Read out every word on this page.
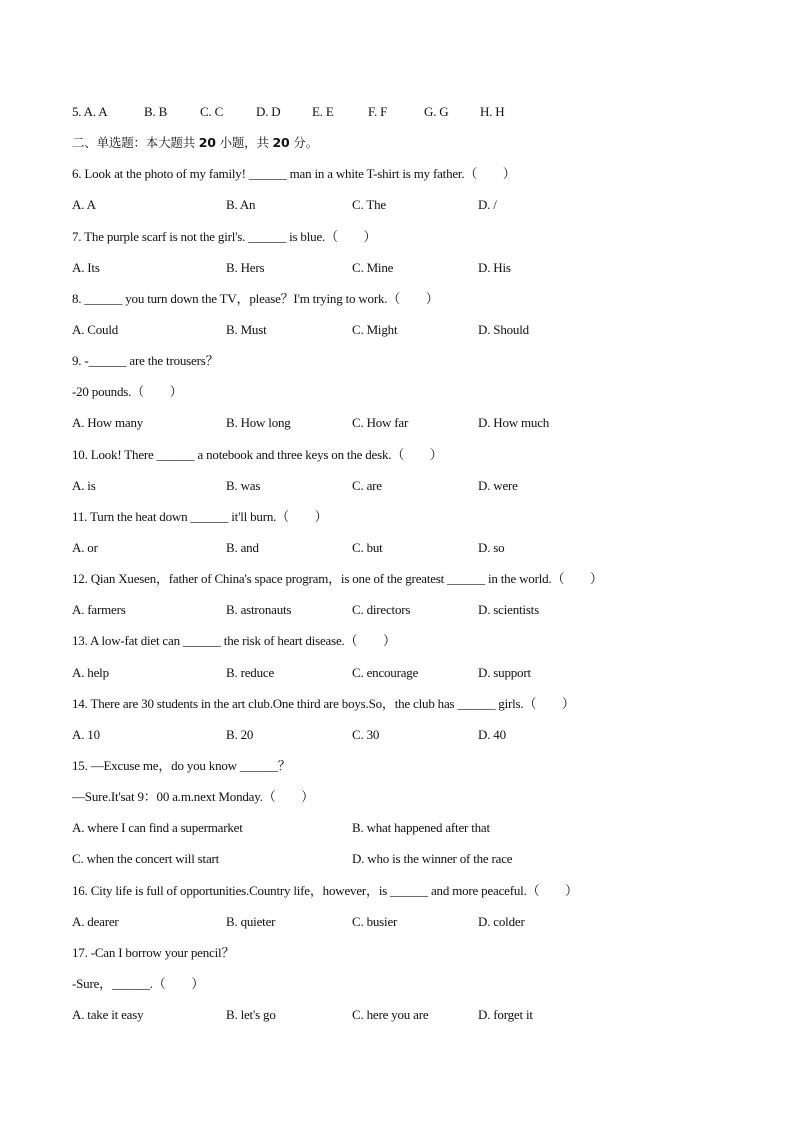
5. A. A	B. B	C. C	D. D E. E	F. F	G. G H. H
二、单选题：本大题共 20 小题，共 20 分。
6. Look at the photo of my family! ______ man in a white T-shirt is my father.（　　）
A. A	B. An	C. The	D. /
7. The purple scarf is not the girl's. ______ is blue.（　　）
A. Its	B. Hers	C. Mine	D. His
8. ______ you turn down the TV，please？I'm trying to work.（　　）
A. Could	B. Must	C. Might	D. Should
9. -______ are the trousers？
-20 pounds.（　　）
A. How many	B. How long	C. How far	D. How much
10. Look! There ______ a notebook and three keys on the desk.（　　）
A. is	B. was	C. are	D. were
11. Turn the heat down ______ it'll burn.（　　）
A. or	B. and	C. but	D. so
12. Qian Xuesen，father of China's space program，is one of the greatest ______ in the world.（　　）
A. farmers	B. astronauts	C. directors	D. scientists
13. A low-fat diet can ______ the risk of heart disease.（　　）
A. help	B. reduce	C. encourage	D. support
14. There are 30 students in the art club.One third are boys.So，the club has ______ girls.（　　）
A. 10	B. 20	C. 30	D. 40
15. —Excuse me，do you know ______？
—Sure.It'sat 9：00 a.m.next Monday.（　　）
A. where I can find a supermarket	B. what happened after that
C. when the concert will start	D. who is the winner of the race
16. City life is full of opportunities.Country life，however，is ______ and more peaceful.（　　）
A. dearer	B. quieter	C. busier	D. colder
17. -Can I borrow your pencil？
-Sure，______.（　　）
A. take it easy	B. let's go	C. here you are	D. forget it
